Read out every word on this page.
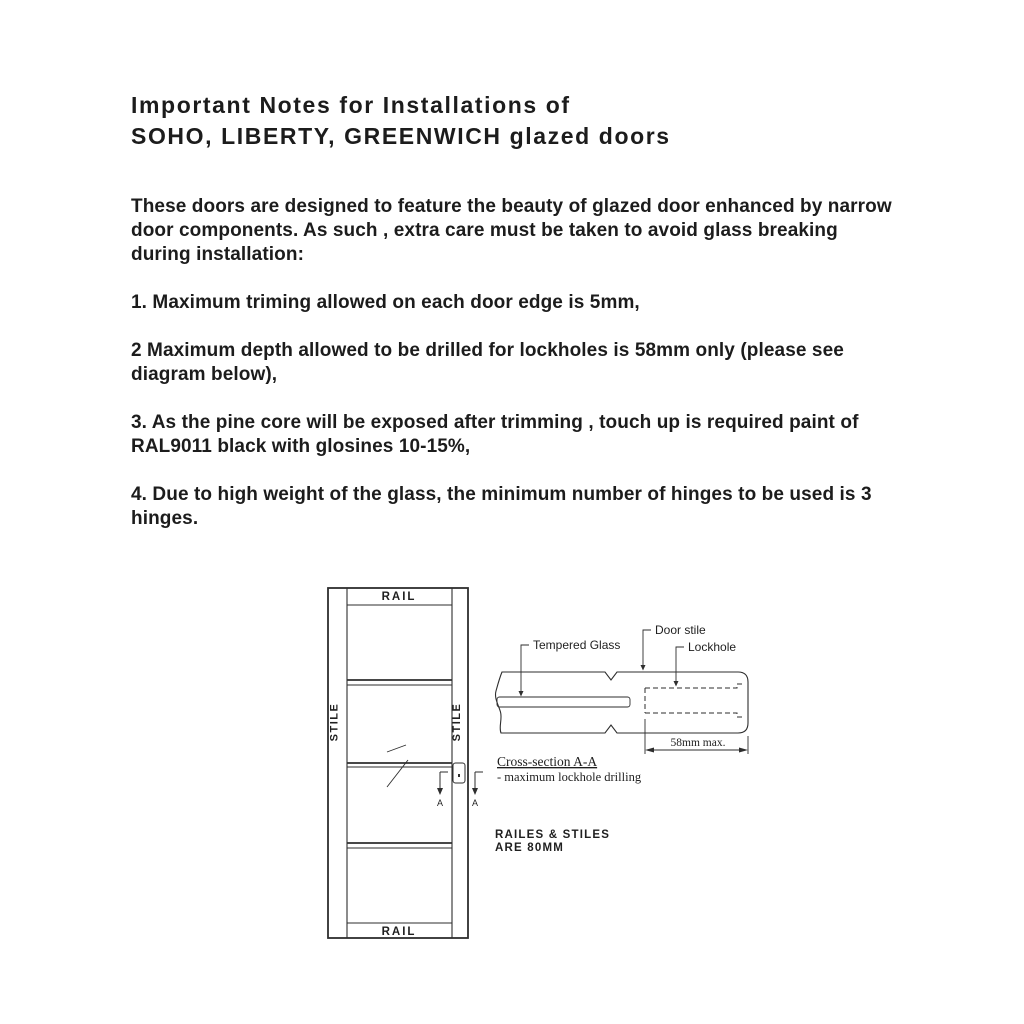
Important Notes for Installations of
SOHO, LIBERTY, GREENWICH glazed doors
These doors are designed to feature the beauty of glazed door enhanced by narrow door components. As such , extra care must be taken to avoid glass breaking during installation:
1. Maximum triming allowed on each door edge is 5mm,
2 Maximum depth allowed to be drilled for lockholes is 58mm only (please see diagram below),
3. As the pine core will be exposed after trimming , touch up is required paint of RAL9011 black with glosines 10-15%,
4. Due to high weight of the glass, the minimum number of hinges to be used is 3 hinges.
RAIL
RAIL
STILE	STILE
A	A
Tempered Glass
Door stile
Lockhole
58mm max.
Cross-section A-A
- maximum lockhole drilling
RAILES & STILES
ARE 80MM
